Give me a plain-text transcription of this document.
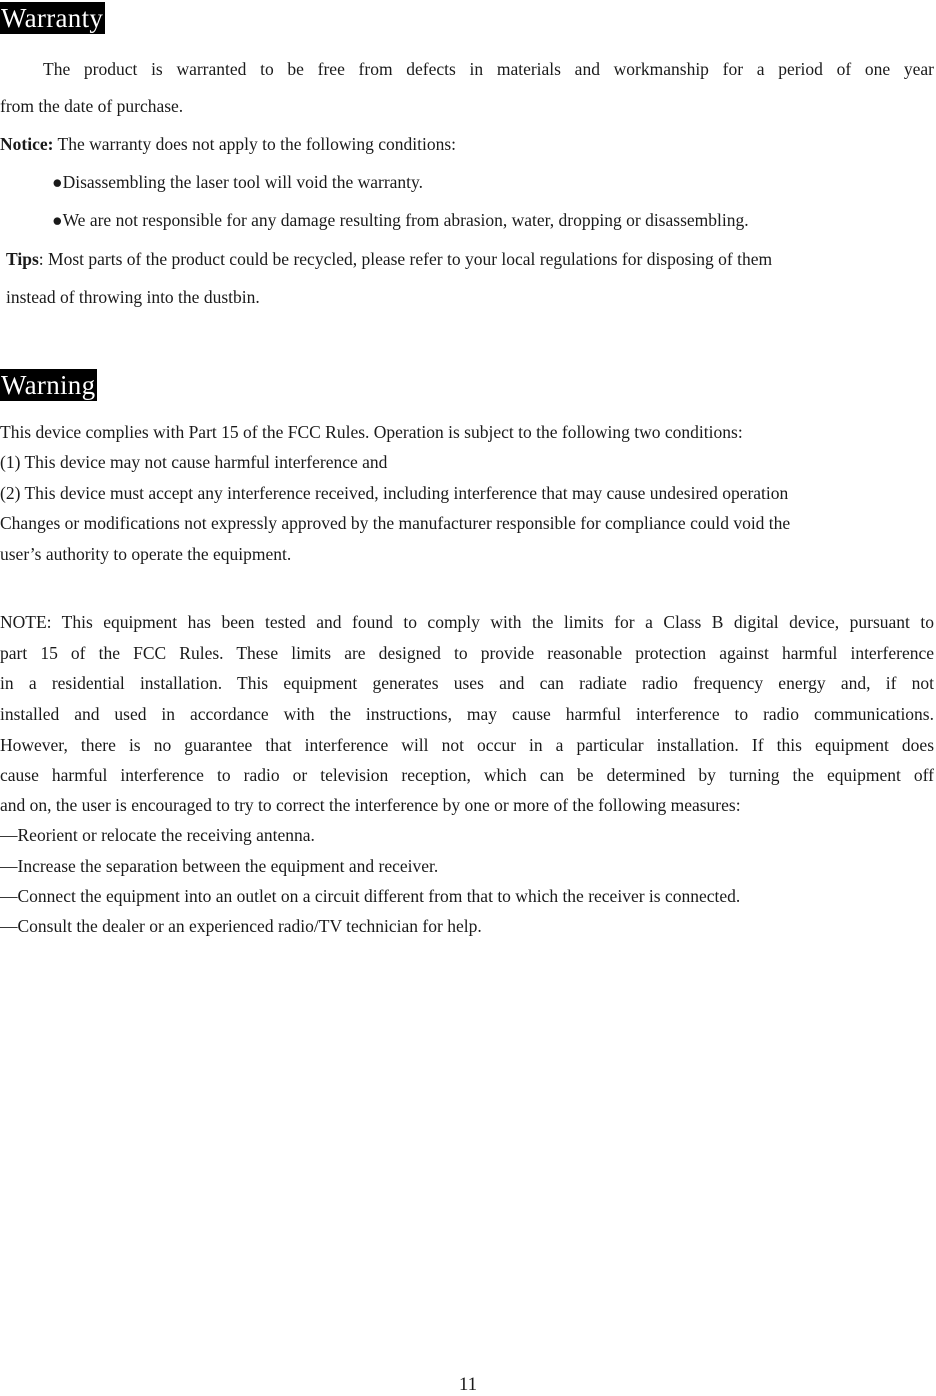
Warranty
The product is warranted to be free from defects in materials and workmanship for a period of one year
from the date of purchase.
Notice: The warranty does not apply to the following conditions:
●Disassembling the laser tool will void the warranty.
●We are not responsible for any damage resulting from abrasion, water, dropping or disassembling.
Tips: Most parts of the product could be recycled, please refer to your local regulations for disposing of them
instead of throwing into the dustbin.
Warning
This device complies with Part 15 of the FCC Rules. Operation is subject to the following two conditions:
(1) This device may not cause harmful interference and
(2) This device must accept any interference received, including interference that may cause undesired operation
Changes or modifications not expressly approved by the manufacturer responsible for compliance could void the
user’s authority to operate the equipment.
NOTE: This equipment has been tested and found to comply with the limits for a Class B digital device, pursuant to
part 15 of the FCC Rules. These limits are designed to provide reasonable protection against harmful interference
in a residential installation. This equipment generates uses and can radiate radio frequency energy and, if not
installed and used in accordance with the instructions, may cause harmful interference to radio communications.
However, there is no guarantee that interference will not occur in a particular installation. If this equipment does
cause harmful interference to radio or television reception, which can be determined by turning the equipment off
and on, the user is encouraged to try to correct the interference by one or more of the following measures:
—Reorient or relocate the receiving antenna.
—Increase the separation between the equipment and receiver.
—Connect the equipment into an outlet on a circuit different from that to which the receiver is connected.
—Consult the dealer or an experienced radio/TV technician for help.
11
